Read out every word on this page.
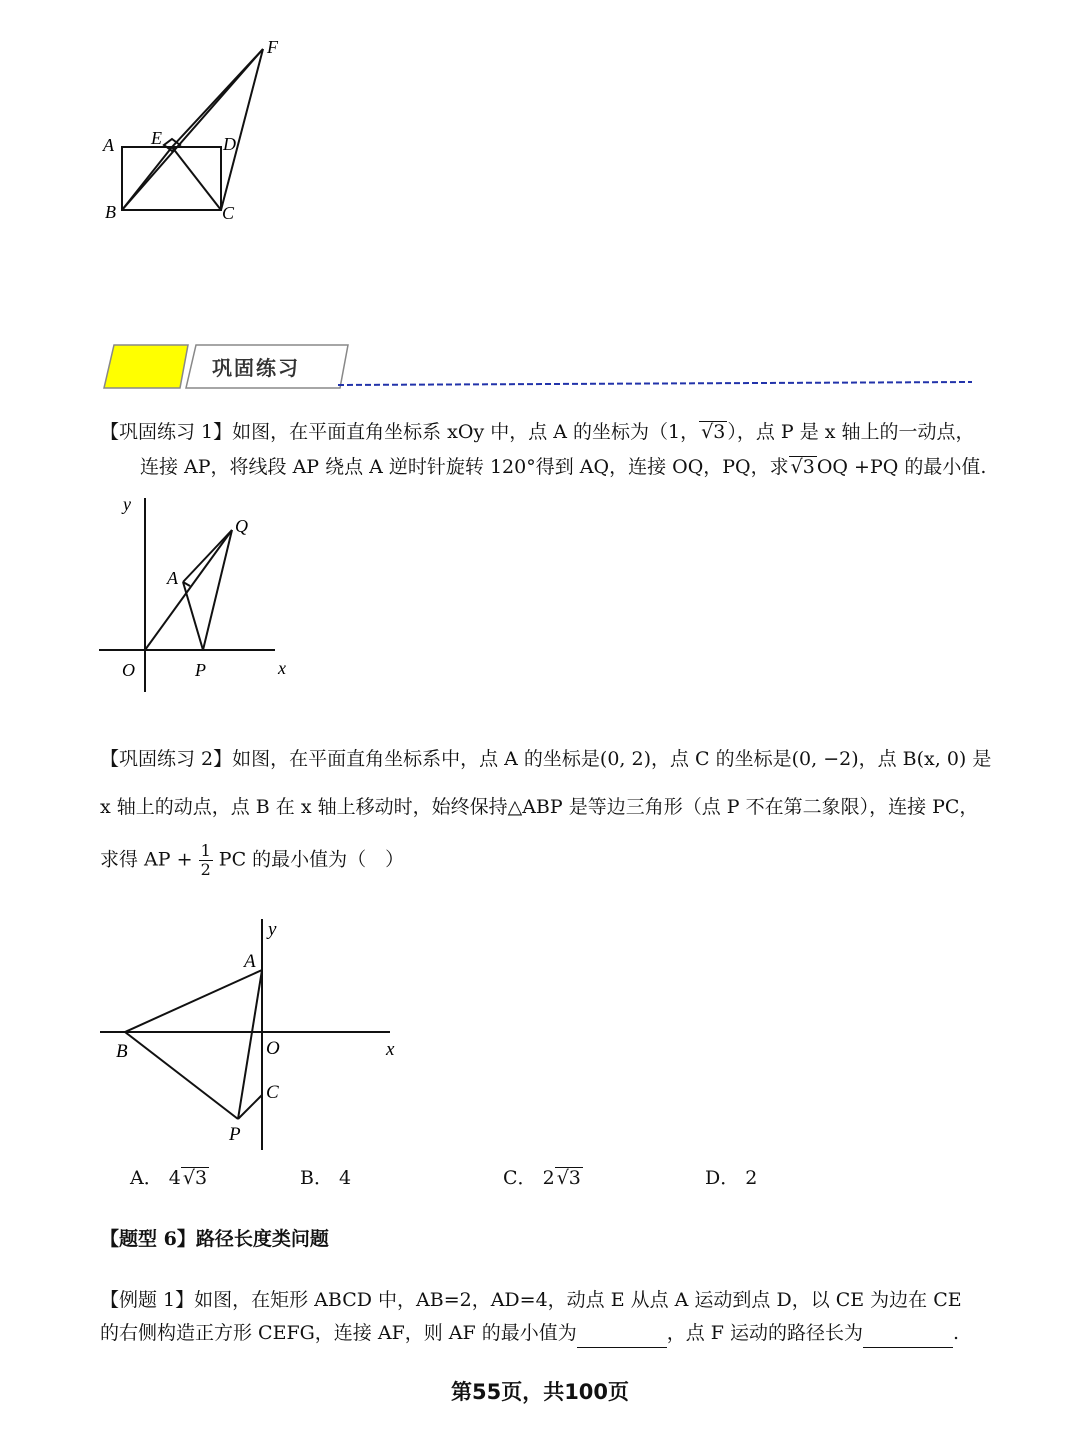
F
A E	D
B	C
巩固练习
【巩固练习 1】如图，在平面直角坐标系 xOy 中，点 A 的坐标为（1， √3 ），点 P 是 x 轴上的一动点，
连接 AP，将线段 AP 绕点 A 逆时针旋转 120°得到 AQ，连接 OQ，PQ，求 √3 OQ +PQ 的最小值.
y
Q
A
O	P	x
【巩固练习 2】如图，在平面直角坐标系中，点 A 的坐标是(0, 2)，点 C 的坐标是(0, −2)，点 B(x, 0) 是
x 轴上的动点，点 B 在 x 轴上移动时，始终保持△ABP 是等边三角形（点 P 不在第二象限），连接 PC，
求得 AP + $\frac{1}{2}$ PC 的最小值为（　）
y
A
B	O	x
C
P
A． 4 √3	B． 4	C． 2 √3	D． 2
【题型 6】路径长度类问题
【例题 1】如图，在矩形 ABCD 中，AB=2，AD=4，动点 E 从点 A 运动到点 D，以 CE 为边在 CE
的右侧构造正方形 CEFG，连接 AF，则 AF 的最小值为	，点 F 运动的路径长为	.
第55页，共100页
